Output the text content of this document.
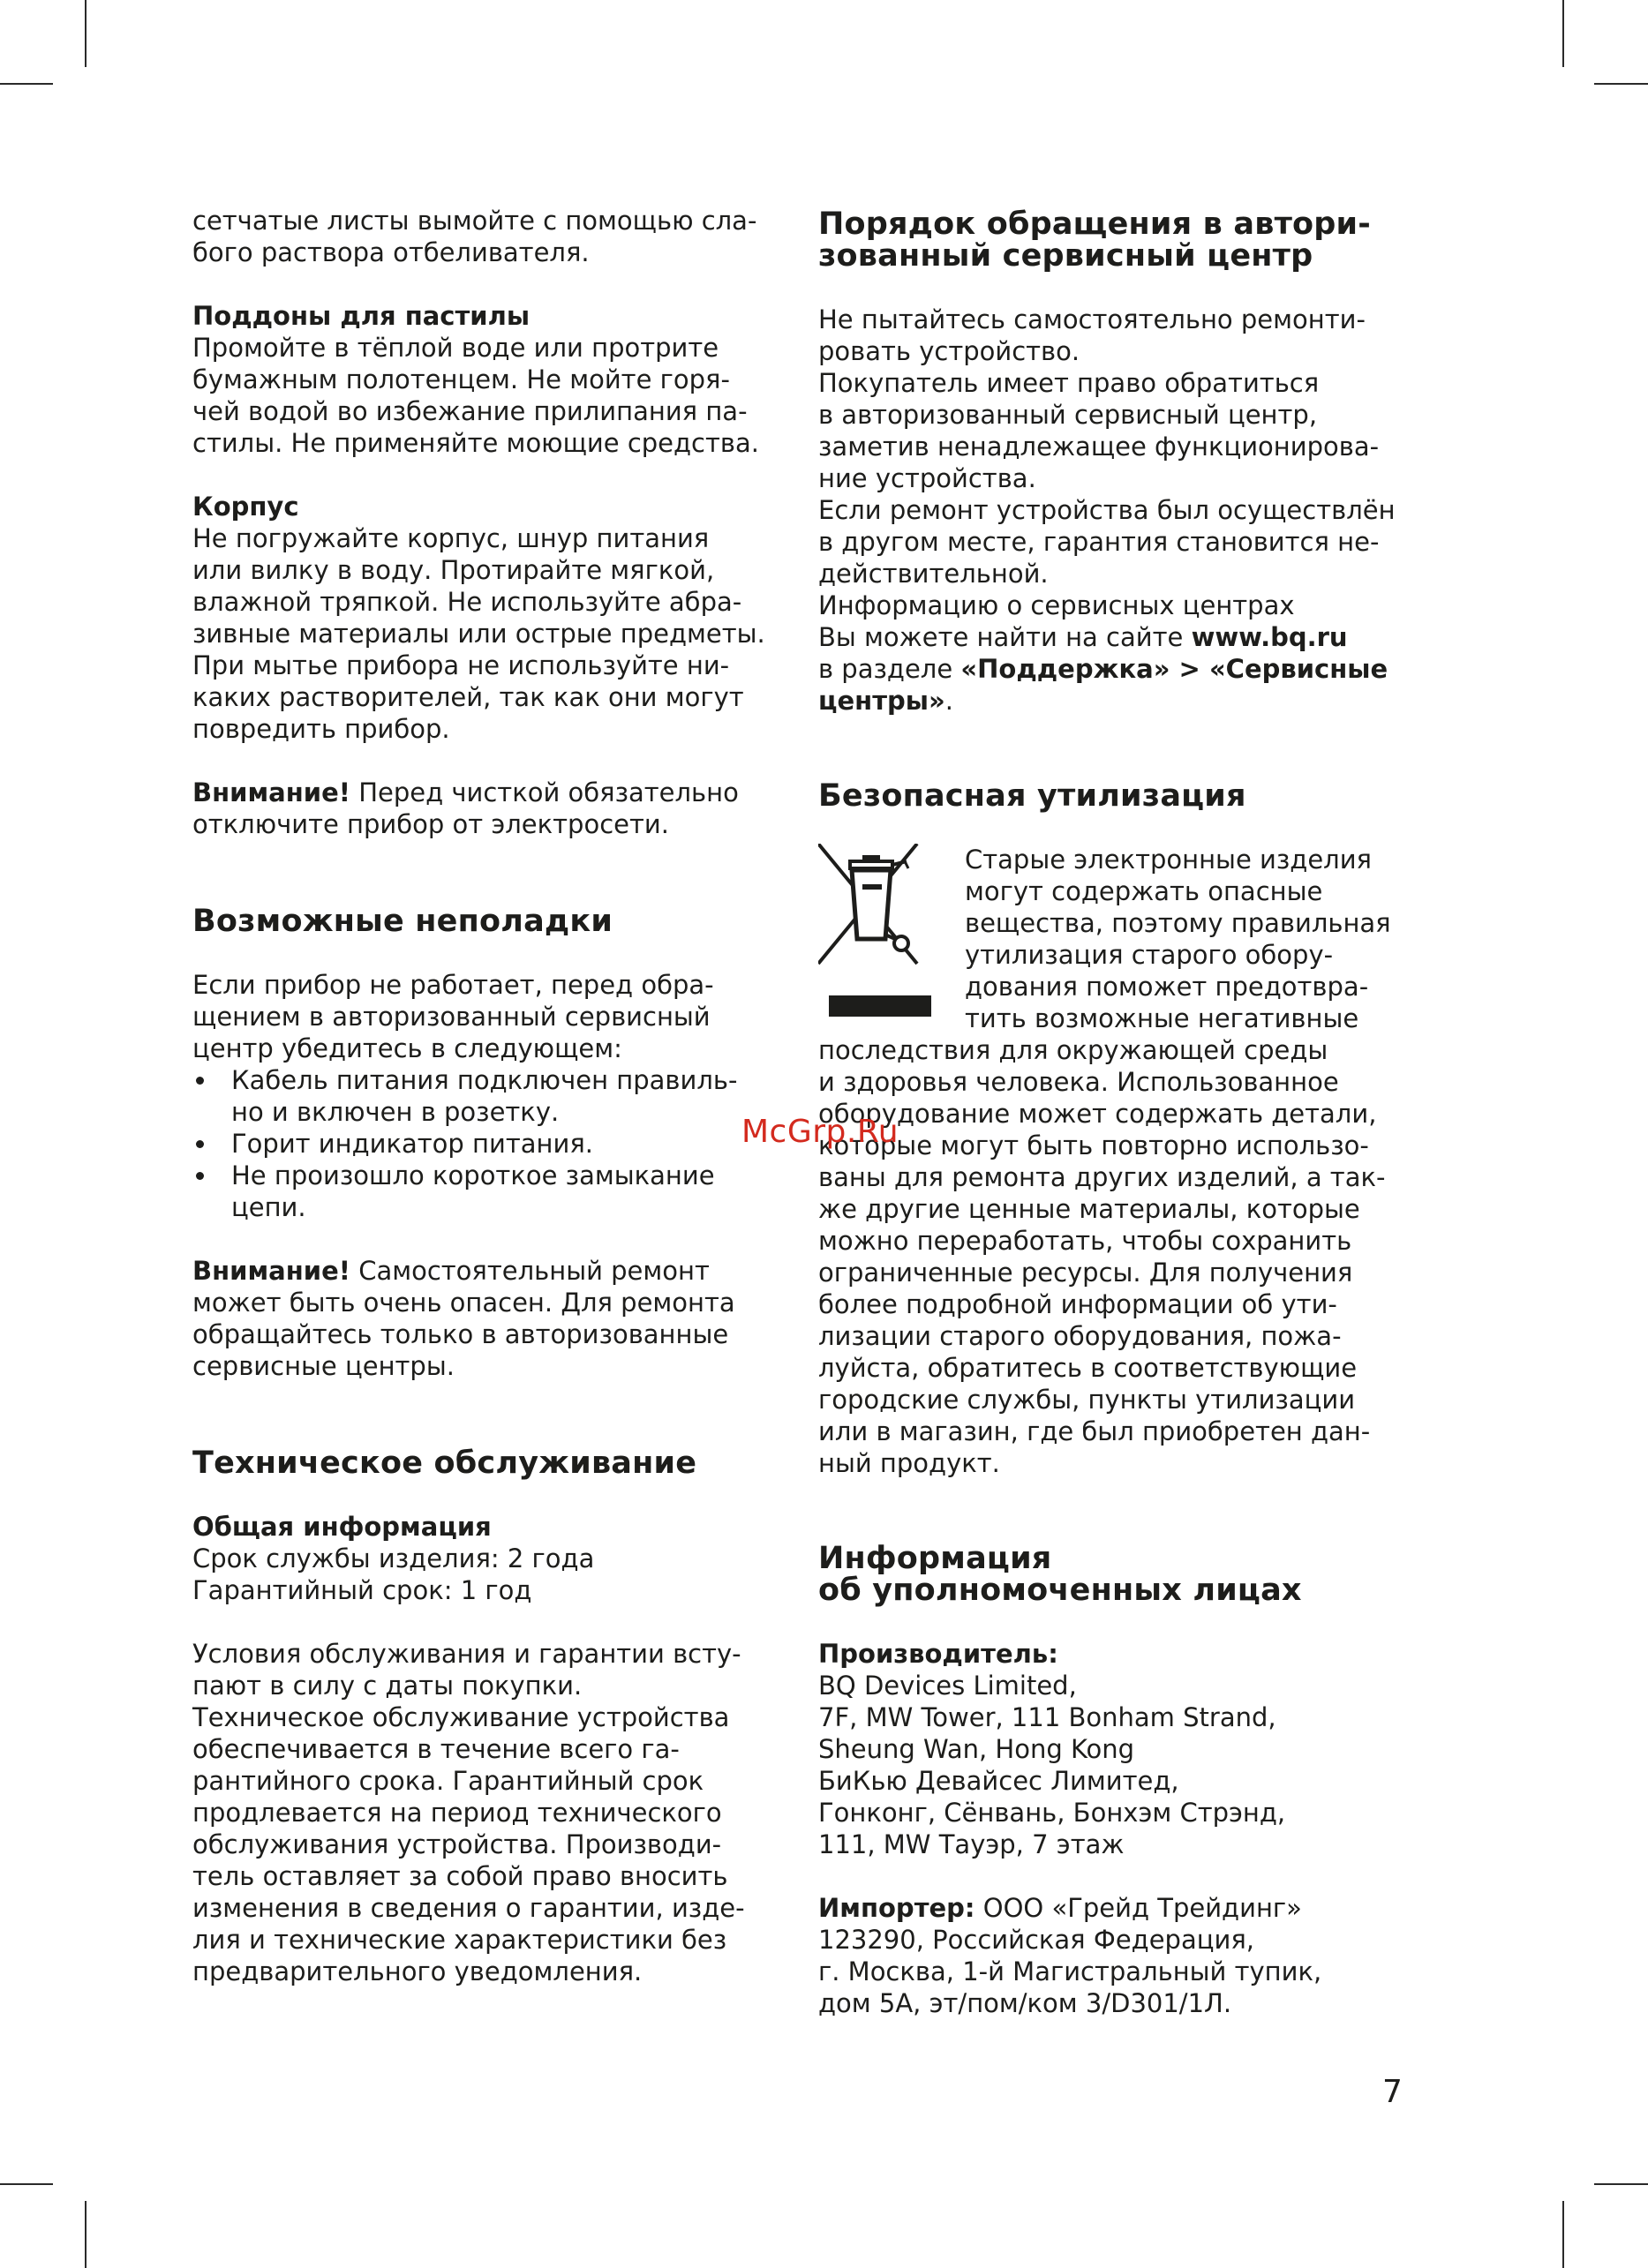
сетчатые листы вымойте с помощью сла-

бого раствора отбеливателя.

Поддоны для пастилы

Промойте в тёплой воде или протрите

бумажным полотенцем. Не мойте горя-

чей водой во избежание прилипания па-

стилы. Не применяйте моющие средства.

Корпус

Не погружайте корпус, шнур питания

или вилку в воду. Протирайте мягкой,

влажной тряпкой. Не используйте абра-

зивные материалы или острые предметы.

При мытье прибора не используйте ни-

каких растворителей, так как они могут

повредить прибор.

Внимание! Перед чисткой обязательно

отключите прибор от электросети.

Возможные неполадки

Если прибор не работает, перед обра-

щением в авторизованный сервисный

центр убедитесь в следующем:

Кабель питания подключен правиль-
но и включен в розетку.
Горит индикатор питания.
Не произошло короткое замыкание
цепи.

Внимание! Самостоятельный ремонт

может быть очень опасен. Для ремонта

обращайтесь только в авторизованные

сервисные центры.

Техническое обслуживание

Общая информация

Срок службы изделия: 2 года

Гарантийный срок: 1 год

Условия обслуживания и гарантии всту-

пают в силу с даты покупки.

Техническое обслуживание устройства

обеспечивается в течение всего га-

рантийного срока. Гарантийный срок

продлевается на период технического

обслуживания устройства. Производи-

тель оставляет за собой право вносить

изменения в сведения о гарантии, изде-

лия и технические характеристики без

предварительного уведомления.

Порядок обращения в автори-
зованный сервисный центр

Не пытайтесь самостоятельно ремонти-

ровать устройство.

Покупатель имеет право обратиться

в авторизованный сервисный центр,

заметив ненадлежащее функционирова-

ние устройства.

Если ремонт устройства был осуществлён

в другом месте, гарантия становится не-

действительной.

Информацию о сервисных центрах

Вы можете найти на сайте www.bq.ru

в разделе «Поддержка» > «Сервисные

центры».

Безопасная утилизация

Старые электронные изделия

могут содержать опасные

вещества, поэтому правильная

утилизация старого обору-

дования поможет предотвра-

тить возможные негативные

последствия для окружающей среды

и здоровья человека. Использованное

оборудование может содержать детали,

которые могут быть повторно использо-

ваны для ремонта других изделий, а так-

же другие ценные материалы, которые

можно переработать, чтобы сохранить

ограниченные ресурсы. Для получения

более подробной информации об ути-

лизации старого оборудования, пожа-

луйста, обратитесь в соответствующие

городские службы, пункты утилизации

или в магазин, где был приобретен дан-

ный продукт.

Информация
об уполномоченных лицах

Производитель:

BQ Devices Limited,

7F, MW Tower, 111 Bonham Strand,

Sheung Wan, Hong Kong

БиКью Девайсес Лимитед,

Гонконг, Сёнвань, Бонхэм Стрэнд,

111, MW Тауэр, 7 этаж

Импортер: ООО «Грейд Трейдинг»

123290, Российская Федерация,

г. Москва, 1-й Магистральный тупик,

дом 5А, эт/пом/ком 3/D301/1Л.

McGrp.Ru
7
